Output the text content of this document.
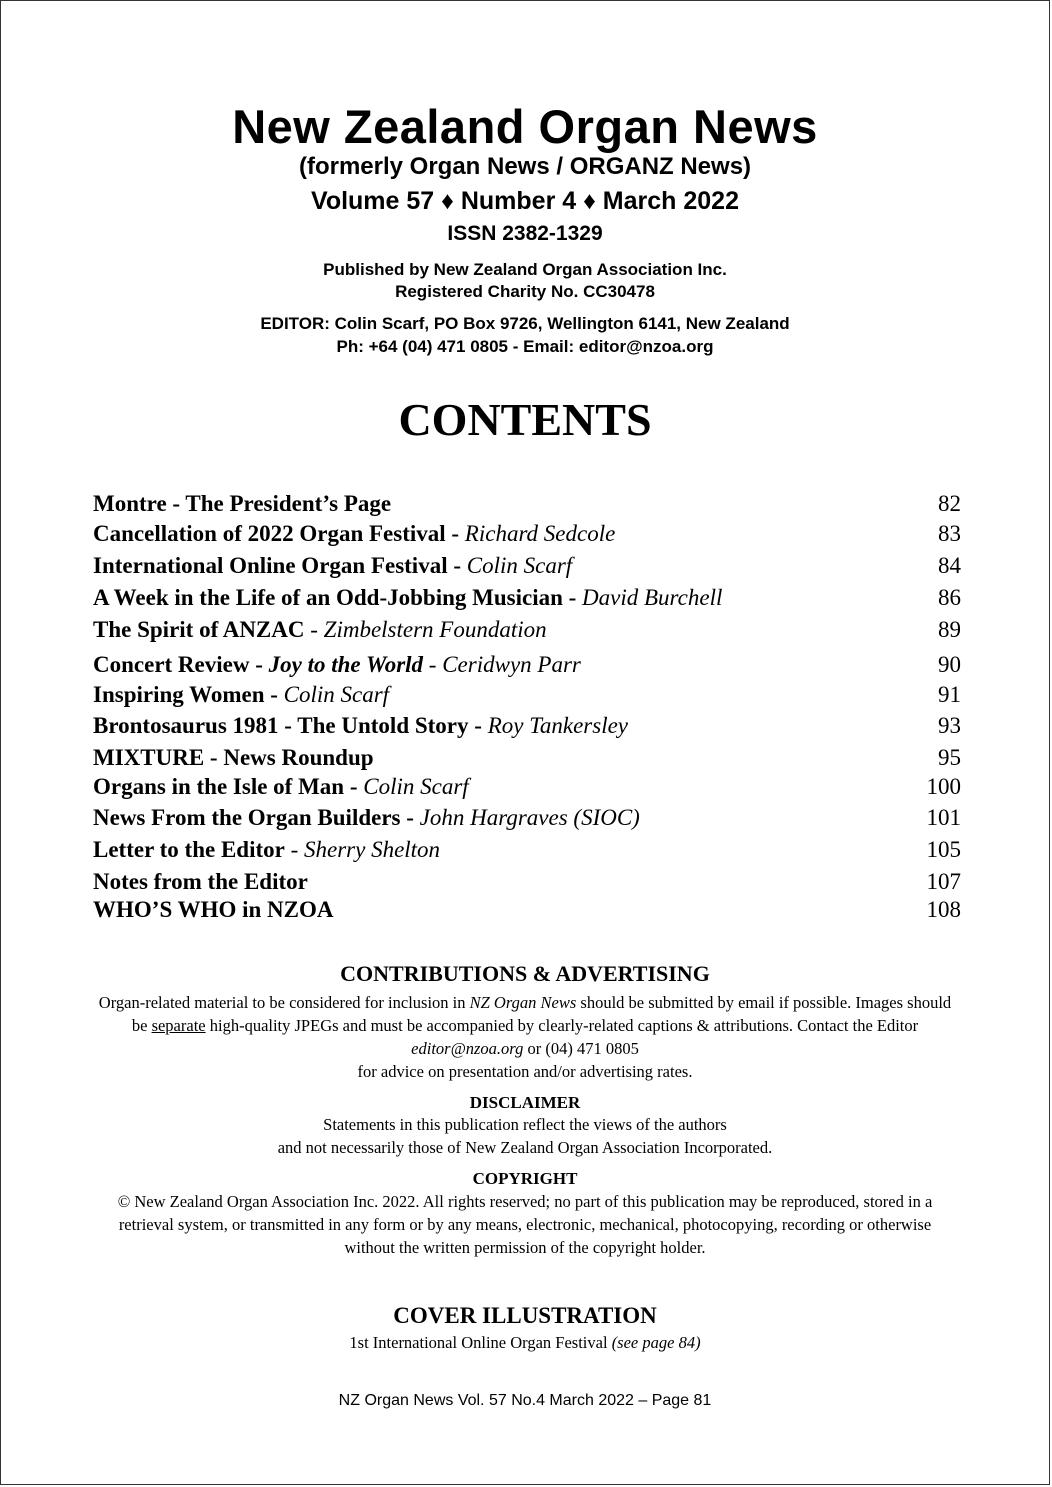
New Zealand Organ News
(formerly Organ News / ORGANZ News)
Volume 57 ♦ Number 4 ♦ March 2022
ISSN 2382-1329
Published by New Zealand Organ Association Inc.
Registered Charity No. CC30478
EDITOR: Colin Scarf, PO Box 9726, Wellington 6141, New Zealand
Ph: +64 (04) 471 0805 - Email: editor@nzoa.org
CONTENTS
Montre - The President’s Page	82
Cancellation of 2022 Organ Festival - Richard Sedcole	83
International Online Organ Festival - Colin Scarf	84
A Week in the Life of an Odd-Jobbing Musician - David Burchell	86
The Spirit of ANZAC - Zimbelstern Foundation	89
Concert Review - Joy to the World - Ceridwyn Parr	90
Inspiring Women - Colin Scarf	91
Brontosaurus 1981 - The Untold Story - Roy Tankersley	93
MIXTURE - News Roundup	95
Organs in the Isle of Man - Colin Scarf	100
News From the Organ Builders - John Hargraves (SIOC)	101
Letter to the Editor - Sherry Shelton	105
Notes from the Editor	107
WHO’S WHO in NZOA	108
CONTRIBUTIONS & ADVERTISING
Organ-related material to be considered for inclusion in NZ Organ News should be submitted by email if possible. Images should be separate high-quality JPEGs and must be accompanied by clearly-related captions & attributions. Contact the Editor editor@nzoa.org or (04) 471 0805
for advice on presentation and/or advertising rates.
DISCLAIMER
Statements in this publication reflect the views of the authors
and not necessarily those of New Zealand Organ Association Incorporated.
COPYRIGHT
© New Zealand Organ Association Inc. 2022. All rights reserved; no part of this publication may be reproduced, stored in a retrieval system, or transmitted in any form or by any means, electronic, mechanical, photocopying, recording or otherwise without the written permission of the copyright holder.
COVER ILLUSTRATION
1st International Online Organ Festival (see page 84)
NZ Organ News Vol. 57 No.4 March 2022 – Page 81
